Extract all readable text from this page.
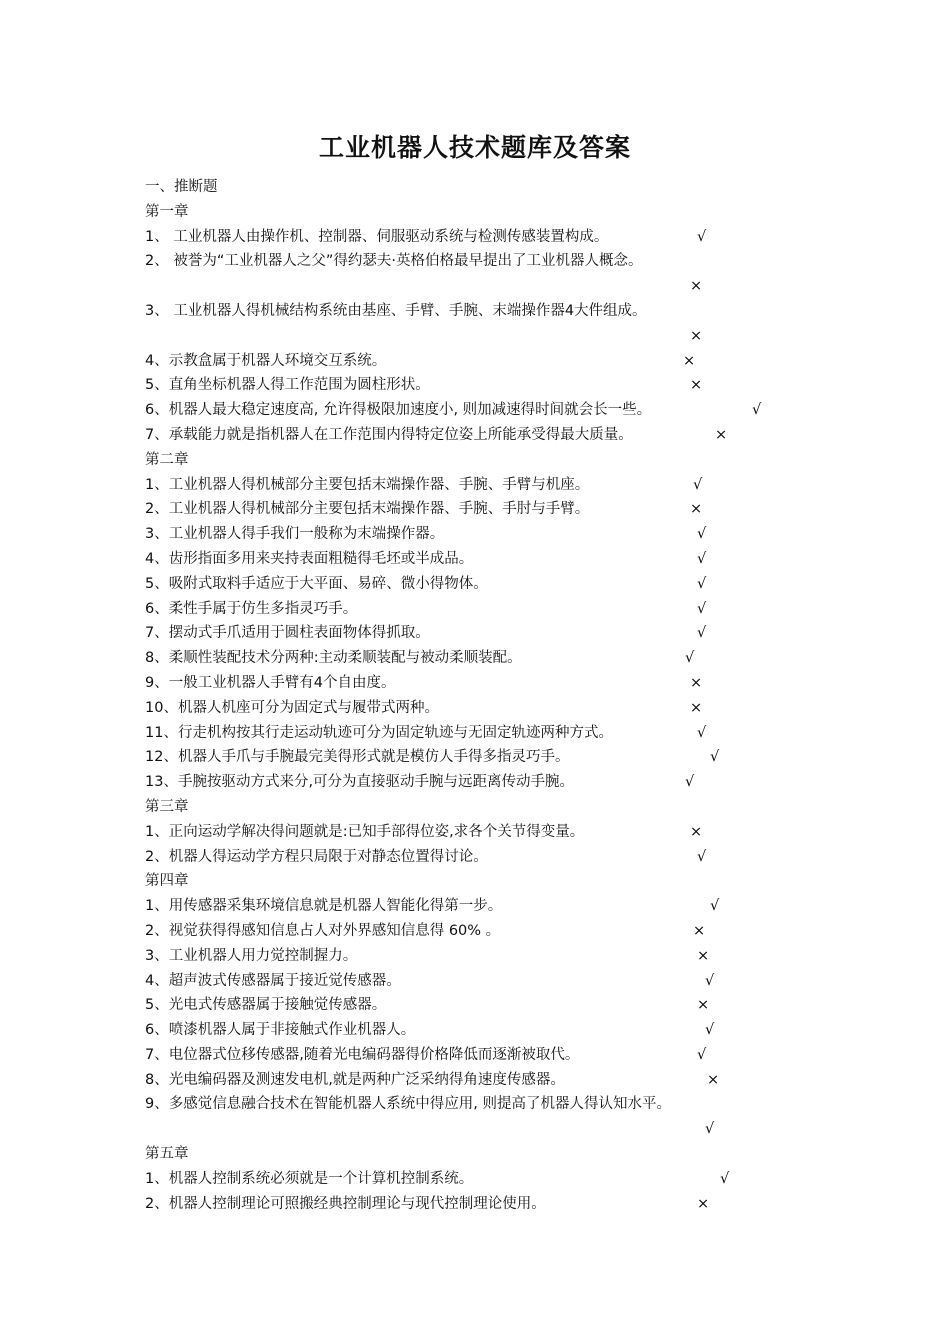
工业机器人技术题库及答案
一、推断题
第一章
1、 工业机器人由操作机、控制器、伺服驱动系统与检测传感装置构成。	√
2、 被誉为“工业机器人之父”得约瑟夫·英格伯格最早提出了工业机器人概念。
×
3、 工业机器人得机械结构系统由基座、手臂、手腕、末端操作器4大件组成。
×
4、示教盒属于机器人环境交互系统。	×
5、直角坐标机器人得工作范围为圆柱形状。	×
6、机器人最大稳定速度高, 允许得极限加速度小, 则加减速得时间就会长一些。	√
7、承载能力就是指机器人在工作范围内得特定位姿上所能承受得最大质量。	×
第二章
1、工业机器人得机械部分主要包括末端操作器、手腕、手臂与机座。	√
2、工业机器人得机械部分主要包括末端操作器、手腕、手肘与手臂。	×
3、工业机器人得手我们一般称为末端操作器。	√
4、齿形指面多用来夹持表面粗糙得毛坯或半成品。	√
5、吸附式取料手适应于大平面、易碎、微小得物体。	√
6、柔性手属于仿生多指灵巧手。	√
7、摆动式手爪适用于圆柱表面物体得抓取。	√
8、柔顺性装配技术分两种:主动柔顺装配与被动柔顺装配。	√
9、一般工业机器人手臂有4个自由度。	×
10、机器人机座可分为固定式与履带式两种。	×
11、行走机构按其行走运动轨迹可分为固定轨迹与无固定轨迹两种方式。	√
12、机器人手爪与手腕最完美得形式就是模仿人手得多指灵巧手。	√
13、手腕按驱动方式来分,可分为直接驱动手腕与远距离传动手腕。	√
第三章
1、正向运动学解决得问题就是:已知手部得位姿,求各个关节得变量。	×
2、机器人得运动学方程只局限于对静态位置得讨论。	√
第四章
1、用传感器采集环境信息就是机器人智能化得第一步。	√
2、视觉获得得感知信息占人对外界感知信息得 60% 。	×
3、工业机器人用力觉控制握力。	×
4、超声波式传感器属于接近觉传感器。	√
5、光电式传感器属于接触觉传感器。	×
6、喷漆机器人属于非接触式作业机器人。	√
7、电位器式位移传感器,随着光电编码器得价格降低而逐渐被取代。	√
8、光电编码器及测速发电机,就是两种广泛采纳得角速度传感器。	×
9、多感觉信息融合技术在智能机器人系统中得应用, 则提高了机器人得认知水平。
√
第五章
1、机器人控制系统必须就是一个计算机控制系统。	√
2、机器人控制理论可照搬经典控制理论与现代控制理论使用。	×
